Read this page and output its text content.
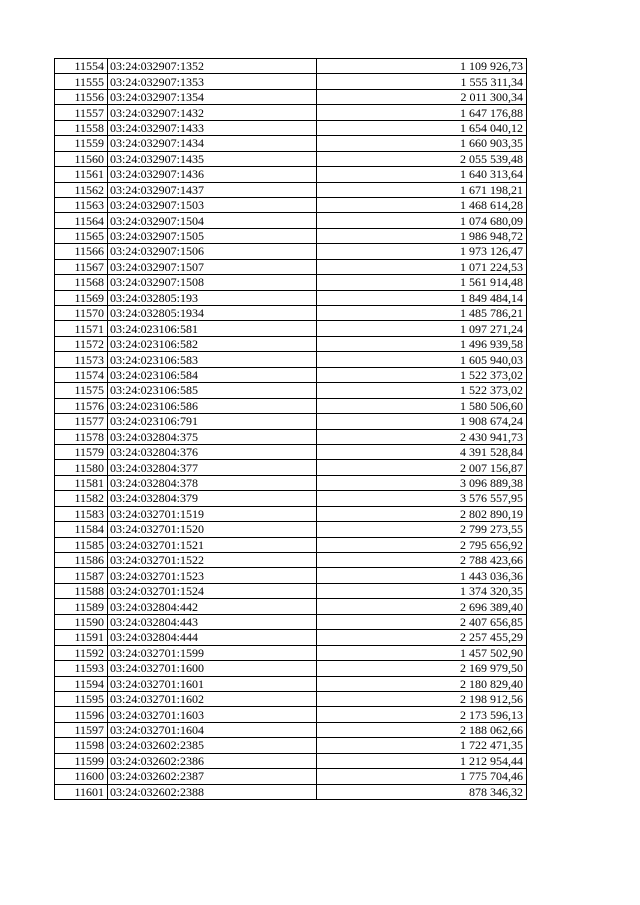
11554	03:24:032907:1352	1 109 926,73
11555	03:24:032907:1353	1 555 311,34
11556	03:24:032907:1354	2 011 300,34
11557	03:24:032907:1432	1 647 176,88
11558	03:24:032907:1433	1 654 040,12
11559	03:24:032907:1434	1 660 903,35
11560	03:24:032907:1435	2 055 539,48
11561	03:24:032907:1436	1 640 313,64
11562	03:24:032907:1437	1 671 198,21
11563	03:24:032907:1503	1 468 614,28
11564	03:24:032907:1504	1 074 680,09
11565	03:24:032907:1505	1 986 948,72
11566	03:24:032907:1506	1 973 126,47
11567	03:24:032907:1507	1 071 224,53
11568	03:24:032907:1508	1 561 914,48
11569	03:24:032805:193	1 849 484,14
11570	03:24:032805:1934	1 485 786,21
11571	03:24:023106:581	1 097 271,24
11572	03:24:023106:582	1 496 939,58
11573	03:24:023106:583	1 605 940,03
11574	03:24:023106:584	1 522 373,02
11575	03:24:023106:585	1 522 373,02
11576	03:24:023106:586	1 580 506,60
11577	03:24:023106:791	1 908 674,24
11578	03:24:032804:375	2 430 941,73
11579	03:24:032804:376	4 391 528,84
11580	03:24:032804:377	2 007 156,87
11581	03:24:032804:378	3 096 889,38
11582	03:24:032804:379	3 576 557,95
11583	03:24:032701:1519	2 802 890,19
11584	03:24:032701:1520	2 799 273,55
11585	03:24:032701:1521	2 795 656,92
11586	03:24:032701:1522	2 788 423,66
11587	03:24:032701:1523	1 443 036,36
11588	03:24:032701:1524	1 374 320,35
11589	03:24:032804:442	2 696 389,40
11590	03:24:032804:443	2 407 656,85
11591	03:24:032804:444	2 257 455,29
11592	03:24:032701:1599	1 457 502,90
11593	03:24:032701:1600	2 169 979,50
11594	03:24:032701:1601	2 180 829,40
11595	03:24:032701:1602	2 198 912,56
11596	03:24:032701:1603	2 173 596,13
11597	03:24:032701:1604	2 188 062,66
11598	03:24:032602:2385	1 722 471,35
11599	03:24:032602:2386	1 212 954,44
11600	03:24:032602:2387	1 775 704,46
11601	03:24:032602:2388	878 346,32
